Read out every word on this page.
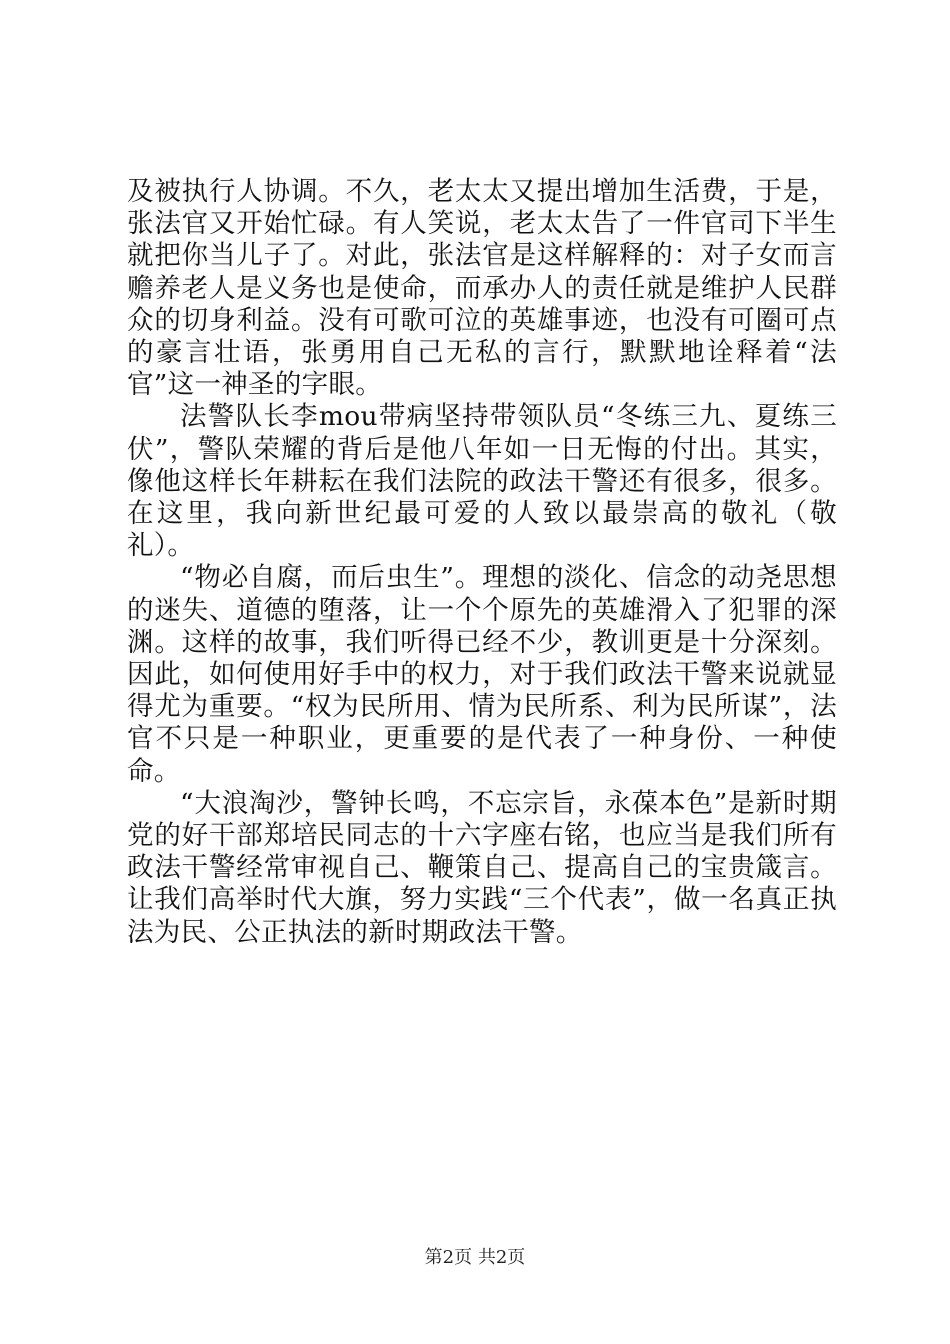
及被执行人协调。不久，老太太又提出增加生活费，于是，张法官又开始忙碌。有人笑说，老太太告了一件官司下半生就把你当儿子了。对此，张法官是这样解释的：对子女而言赡养老人是义务也是使命，而承办人的责任就是维护人民群众的切身利益。没有可歌可泣的英雄事迹，也没有可圈可点的豪言壮语，张勇用自己无私的言行，默默地诠释着“法官”这一神圣的字眼。

法警队长李mou带病坚持带领队员“冬练三九、夏练三伏”，警队荣耀的背后是他八年如一日无悔的付出。其实，像他这样长年耕耘在我们法院的政法干警还有很多，很多。在这里，我向新世纪最可爱的人致以最崇高的敬礼（敬礼）。

“物必自腐，而后虫生”。理想的淡化、信念的动尧思想的迷失、道德的堕落，让一个个原先的英雄滑入了犯罪的深渊。这样的故事，我们听得已经不少，教训更是十分深刻。因此，如何使用好手中的权力，对于我们政法干警来说就显得尤为重要。“权为民所用、情为民所系、利为民所谋”，法官不只是一种职业，更重要的是代表了一种身份、一种使命。

“大浪淘沙，警钟长鸣，不忘宗旨，永葆本色”是新时期党的好干部郑培民同志的十六字座右铭，也应当是我们所有政法干警经常审视自己、鞭策自己、提高自己的宝贵箴言。让我们高举时代大旗，努力实践“三个代表”，做一名真正执法为民、公正执法的新时期政法干警。

第2页 共2页
